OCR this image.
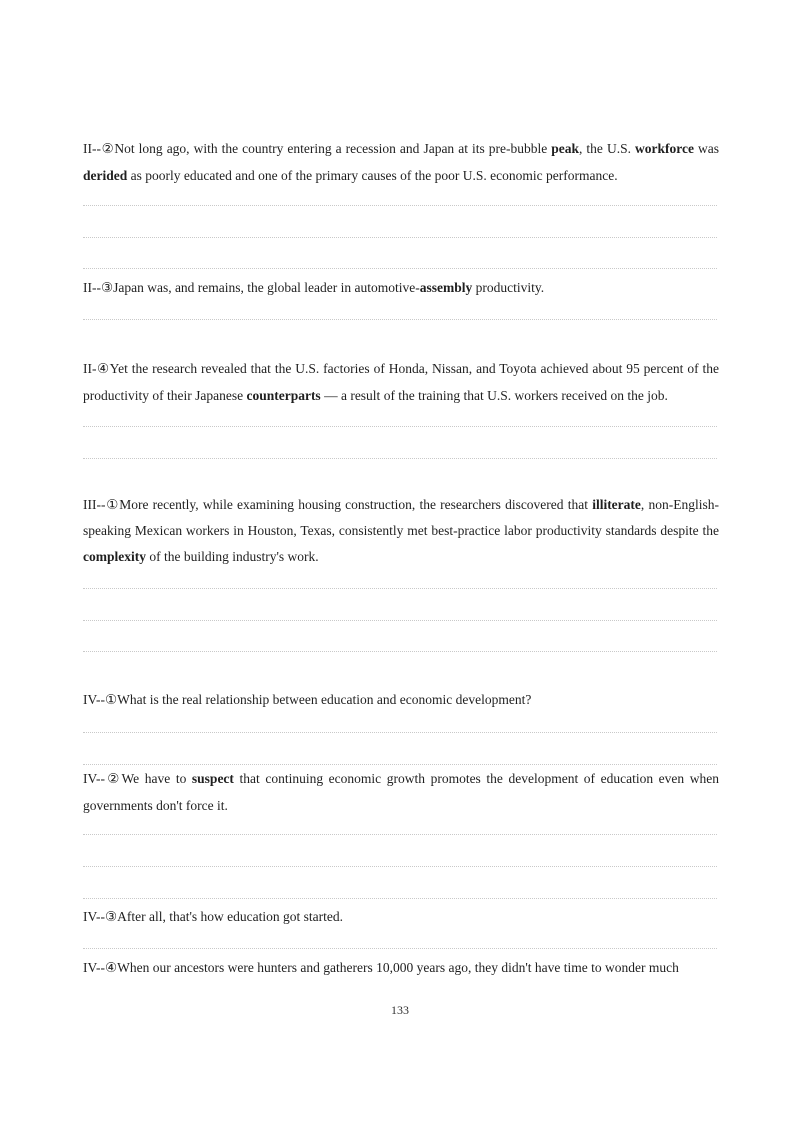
II--②Not long ago, with the country entering a recession and Japan at its pre-bubble peak, the U.S. workforce was derided as poorly educated and one of the primary causes of the poor U.S. economic performance.

II--③Japan was, and remains, the global leader in automotive-assembly productivity.

II-④Yet the research revealed that the U.S. factories of Honda, Nissan, and Toyota achieved about 95 percent of the productivity of their Japanese counterparts — a result of the training that U.S. workers received on the job.

III--①More recently, while examining housing construction, the researchers discovered that illiterate, non-English-speaking Mexican workers in Houston, Texas, consistently met best-practice labor productivity standards despite the complexity of the building industry's work.

IV--①What is the real relationship between education and economic development?

IV--②We have to suspect that continuing economic growth promotes the development of education even when governments don't force it.

IV--③After all, that's how education got started.

IV--④When our ancestors were hunters and gatherers 10,000 years ago, they didn't have time to wonder much

133
